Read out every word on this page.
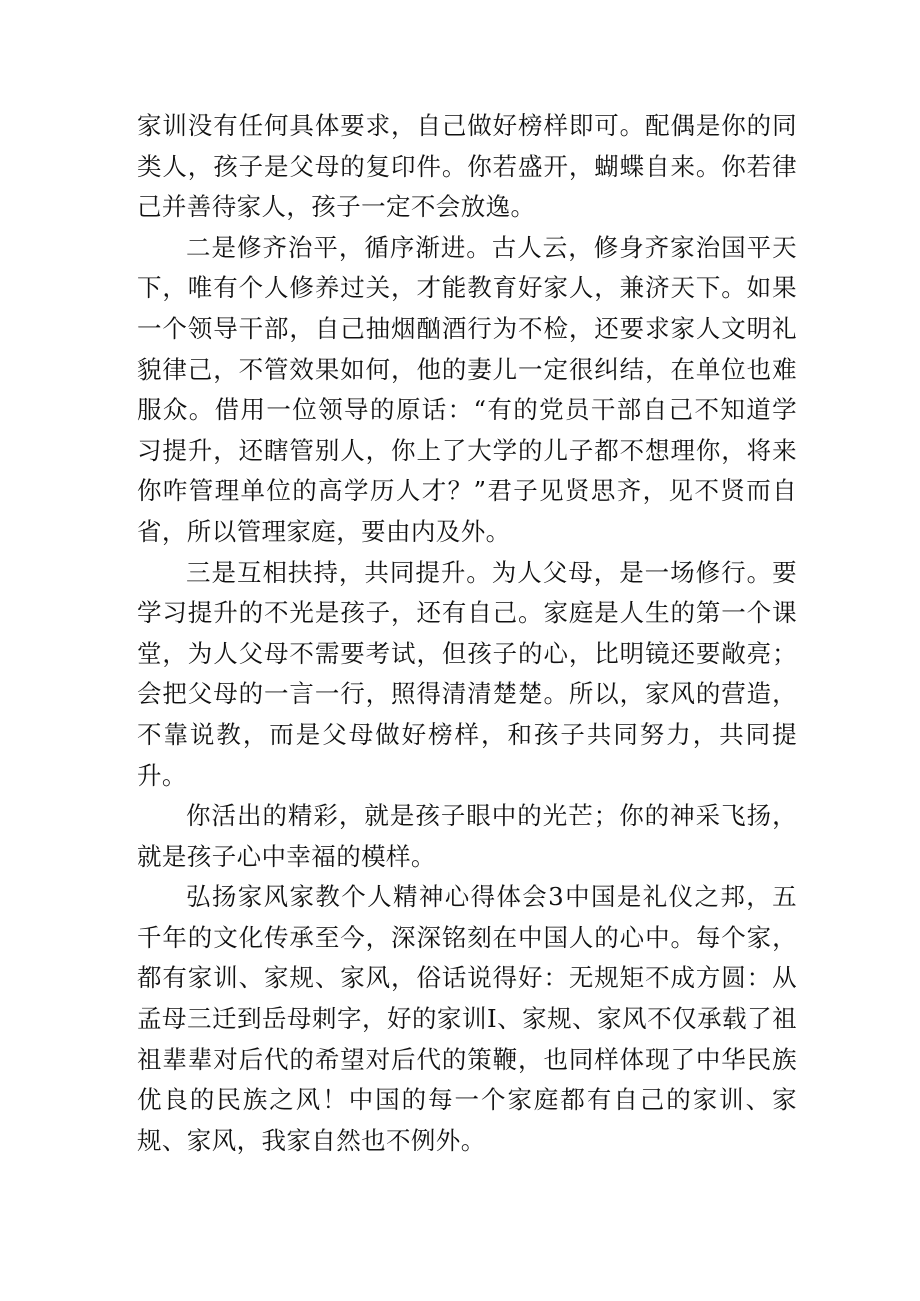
家训没有任何具体要求，自己做好榜样即可。配偶是你的同类人，孩子是父母的复印件。你若盛开，蝴蝶自来。你若律己并善待家人，孩子一定不会放逸。

二是修齐治平，循序渐进。古人云，修身齐家治国平天下，唯有个人修养过关，才能教育好家人，兼济天下。如果一个领导干部，自己抽烟酗酒行为不检，还要求家人文明礼貌律己，不管效果如何，他的妻儿一定很纠结，在单位也难服众。借用一位领导的原话：“有的党员干部自己不知道学习提升，还瞎管别人，你上了大学的儿子都不想理你，将来你咋管理单位的高学历人才？”君子见贤思齐，见不贤而自省，所以管理家庭，要由内及外。

三是互相扶持，共同提升。为人父母，是一场修行。要学习提升的不光是孩子，还有自己。家庭是人生的第一个课堂，为人父母不需要考试，但孩子的心，比明镜还要敞亮；会把父母的一言一行，照得清清楚楚。所以，家风的营造，不靠说教，而是父母做好榜样，和孩子共同努力，共同提升。

你活出的精彩，就是孩子眼中的光芒；你的神采飞扬，就是孩子心中幸福的模样。

弘扬家风家教个人精神心得体会3中国是礼仪之邦，五千年的文化传承至今，深深铭刻在中国人的心中。每个家，都有家训、家规、家风，俗话说得好：无规矩不成方圆：从孟母三迁到岳母刺字，好的家训I、家规、家风不仅承载了祖祖辈辈对后代的希望对后代的策鞭，也同样体现了中华民族优良的民族之风！中国的每一个家庭都有自己的家训、家规、家风，我家自然也不例外。
